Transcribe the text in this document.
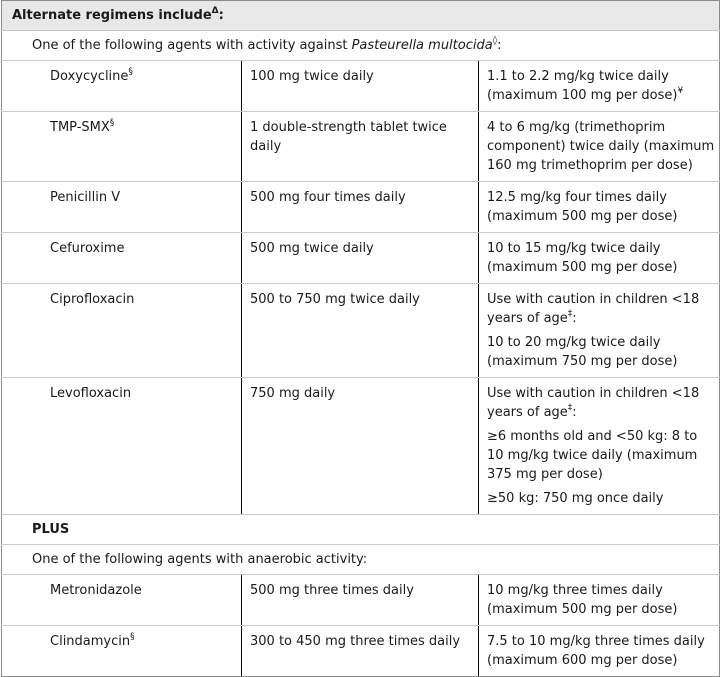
Alternate regimens include$^\Delta$:		
One of the following agents with activity against Pasteurella multocida◊:		
Doxycycline§	100 mg twice daily	1.1 to 2.2 mg/kg twice daily (maximum 100 mg per dose)¥
TMP-SMX§	1 double-strength tablet twice daily	4 to 6 mg/kg (trimethoprim component) twice daily (maximum 160 mg trimethoprim per dose)
Penicillin V	500 mg four times daily	12.5 mg/kg four times daily (maximum 500 mg per dose)
Cefuroxime	500 mg twice daily	10 to 15 mg/kg twice daily (maximum 500 mg per dose)
Ciprofloxacin	500 to 750 mg twice daily	Use with caution in children <18 years of age‡:

10 to 20 mg/kg twice daily (maximum 750 mg per dose)

Levofloxacin	750 mg daily	Use with caution in children <18 years of age‡:

≥6 months old and <50 kg: 8 to 10 mg/kg twice daily (maximum 375 mg per dose)

≥50 kg: 750 mg once daily

PLUS		
One of the following agents with anaerobic activity:		
Metronidazole	500 mg three times daily	10 mg/kg three times daily (maximum 500 mg per dose)
Clindamycin§	300 to 450 mg three times daily	7.5 to 10 mg/kg three times daily (maximum 600 mg per dose)
